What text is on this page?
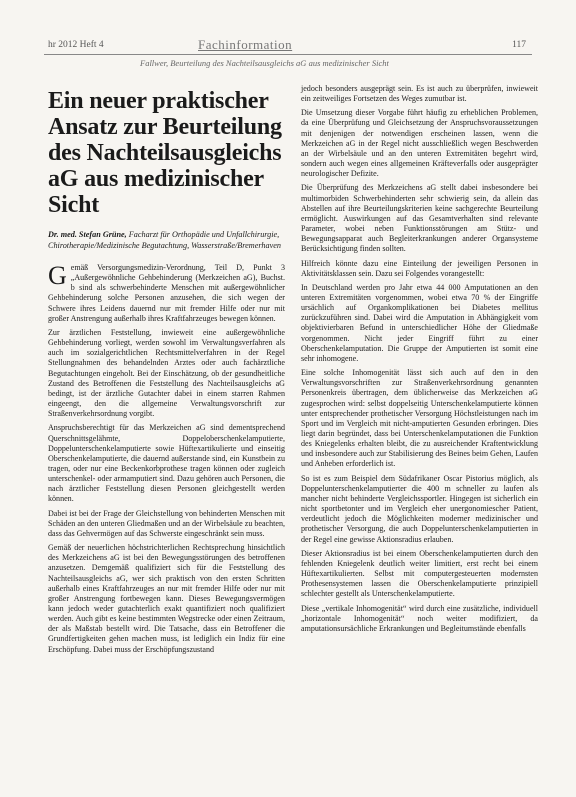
hr 2012 Heft 4	Fachinformation	117
Fallwer, Beurteilung des Nachteilsausgleichs aG aus medizinischer Sicht
Ein neuer praktischer Ansatz zur Beurteilung des Nachteilsausgleichs aG aus medizinischer Sicht
Dr. med. Stefan Grüne, Facharzt für Orthopädie und Unfallchirurgie, Chirotherapie/Medizinische Begutachtung, Wasserstraße/Bremerhaven

Gemäß Versorgungsmedizin-Verordnung, Teil D, Punkt 3 „Außergewöhnliche Gehbehinderung (Merkzeichen aG), Buchst. b sind als schwerbehinderte Menschen mit außergewöhnlicher Gehbehinderung solche Personen anzusehen, die sich wegen der Schwere ihres Leidens dauernd nur mit fremder Hilfe oder nur mit großer Anstrengung außerhalb ihres Kraftfahrzeuges bewegen können.

Zur ärztlichen Feststellung, inwieweit eine außergewöhnliche Gehbehinderung vorliegt, werden sowohl im Verwaltungsverfahren als auch im sozialgerichtlichen Rechtsmittelverfahren in der Regel Stellungnahmen des behandelnden Arztes oder auch fachärztliche Begutachtungen eingeholt. Bei der Einschätzung, ob der gesundheitliche Zustand des Betroffenen die Feststellung des Nachteilsausgleichs aG bedingt, ist der ärztliche Gutachter dabei in einem starren Rahmen eingeengt, den die allgemeine Verwaltungsvorschrift zur Straßenverkehrsordnung vorgibt.

Anspruchsberechtigt für das Merkzeichen aG sind dementsprechend Querschnittsgelähmte, Doppeloberschenkelamputierte, Doppelunterschenkelamputierte sowie Hüftexartikulierte und einseitig Oberschenkelamputierte, die dauernd außerstande sind, ein Kunstbein zu tragen, oder nur eine Beckenkorbprothese tragen können oder zugleich unterschenkel- oder armamputiert sind. Dazu gehören auch Personen, die nach ärztlicher Feststellung diesen Personen gleichgestellt werden können.

Dabei ist bei der Frage der Gleichstellung von behinderten Menschen mit Schäden an den unteren Gliedmaßen und an der Wirbelsäule zu beachten, dass das Gehvermögen auf das Schwerste eingeschränkt sein muss.

Gemäß der neuerlichen höchstrichterlichen Rechtsprechung hinsichtlich des Merkzeichens aG ist bei den Bewegungsstörungen des betroffenen anzusetzen. Demgemäß qualifiziert sich für die Feststellung des Nachteilsausgleichs aG, wer sich praktisch von den ersten Schritten außerhalb eines Kraftfahrzeuges an nur mit fremder Hilfe oder nur mit großer Anstrengung fortbewegen kann. Dieses Bewegungsvermögen kann jedoch weder gutachterlich exakt quantifiziert noch qualifiziert werden. Auch gibt es keine bestimmten Wegstrecke oder einen Zeitraum, der als Maßstab bestellt wird. Die Tatsache, dass ein Betroffener die Grundfertigkeiten gehen machen muss, ist lediglich ein Indiz für eine Erschöpfung. Dabei muss der Erschöpfungszustand

jedoch besonders ausgeprägt sein. Es ist auch zu überprüfen, inwieweit ein zeitweiliges Fortsetzen des Weges zumutbar ist.

Die Umsetzung dieser Vorgabe führt häufig zu erheblichen Problemen, da eine Überprüfung und Gleichsetzung der Anspruchsvoraussetzungen mit denjenigen der notwendigen erscheinen lassen, wenn die Merkzeichen aG in der Regel nicht ausschließlich wegen Beschwerden an der Wirbelsäule und an den unteren Extremitäten begehrt wird, sondern auch wegen eines allgemeinen Kräfteverfalls oder ausgeprägter neurologischer Defizite.

Die Überprüfung des Merkzeichens aG stellt dabei insbesondere bei multimorbiden Schwerbehinderten sehr schwierig sein, da allein das Abstellen auf ihre Beurteilungskriterien keine sachgerechte Beurteilung ermöglicht. Auswirkungen auf das Gesamtverhalten sind relevante Parameter, wobei neben Funktionsstörungen am Stütz- und Bewegungsapparat auch Begleiterkrankungen anderer Organsysteme Berücksichtigung finden sollten.

Hilfreich könnte dazu eine Einteilung der jeweiligen Personen in Aktivitätsklassen sein. Dazu sei Folgendes vorangestellt:

In Deutschland werden pro Jahr etwa 44 000 Amputationen an den unteren Extremitäten vorgenommen, wobei etwa 70 % der Eingriffe ursächlich auf Organkomplikationen bei Diabetes mellitus zurückzuführen sind. Dabei wird die Amputation in Abhängigkeit vom objektivierbaren Befund in unterschiedlicher Höhe der Gliedmaße vorgenommen. Nicht jeder Eingriff führt zu einer Oberschenkelamputation. Die Gruppe der Amputierten ist somit eine sehr inhomogene.

Eine solche Inhomogenität lässt sich auch auf den in den Verwaltungsvorschriften zur Straßenverkehrsordnung genannten Personenkreis übertragen, dem üblicherweise das Merkzeichen aG zugesprochen wird: selbst doppelseitig Unterschenkelamputierte können unter entsprechender prothetischer Versorgung Höchstleistungen nach im Sport und im Vergleich mit nicht-amputierten Gesunden erbringen. Dies liegt darin begründet, dass bei Unterschenkelamputationen die Funktion des Kniegelenks erhalten bleibt, die zu ausreichender Kraftentwicklung und insbesondere auch zur Stabilisierung des Beines beim Gehen, Laufen und Anheben erforderlich ist.

So ist es zum Beispiel dem Südafrikaner Oscar Pistorius möglich, als Doppelunterschenkelamputierter die 400 m schneller zu laufen als mancher nicht behinderte Vergleichssportler. Hingegen ist sicherlich ein nicht sportbetonter und im Vergleich eher unergonomiescher Patient, verdeutlicht jedoch die Möglichkeiten moderner medizinischer und prothetischer Versorgung, die auch Doppelunterschenkelamputierten in der Regel eine gewisse Aktionsradius erlauben.

Dieser Aktionsradius ist bei einem Oberschenkelamputierten durch den fehlenden Kniegelenk deutlich weiter limitiert, erst recht bei einem Hüftexartikulierten. Selbst mit computergesteuerten modernsten Prothesensystemen lassen die Oberschenkelamputierte prinzipiell schlechter gestellt als Unterschenkelamputierte.

Diese „vertikale Inhomogenität“ wird durch eine zusätzliche, individuell „horizontale Inhomogenität“ noch weiter modifiziert, da amputationsursächliche Erkrankungen und Begleitumstände ebenfalls
